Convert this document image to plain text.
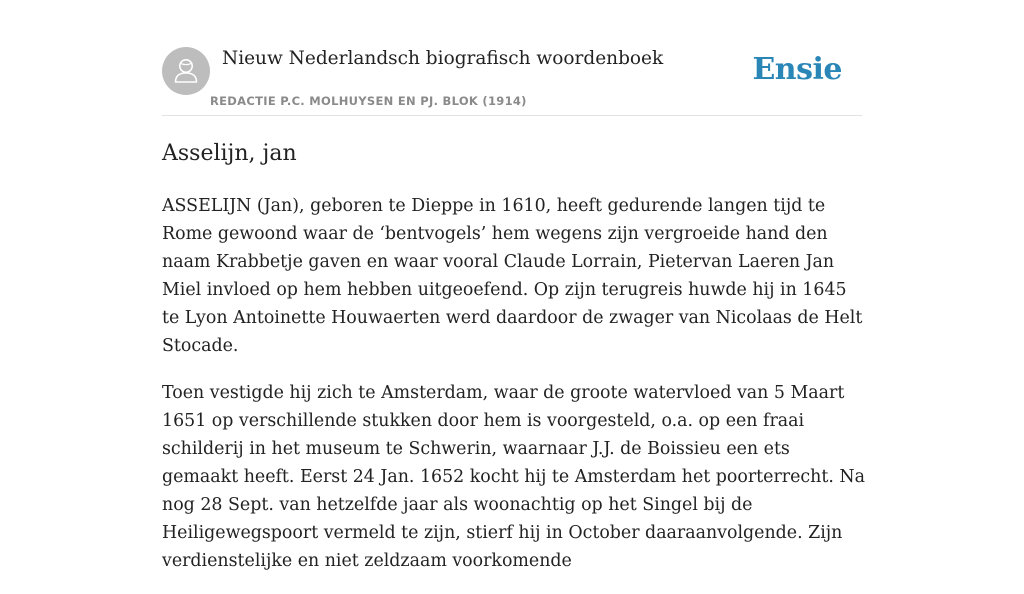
Nieuw Nederlandsch biografisch woordenboek
REDACTIE P.C. MOLHUYSEN EN PJ. BLOK (1914)
Ensie
Asselijn, jan

ASSELIJN (Jan), geboren te Dieppe in 1610, heeft gedurende langen tijd te Rome gewoond waar de ‘bentvogels’ hem wegens zijn vergroeide hand den naam Krabbetje gaven en waar vooral Claude Lorrain, Pietervan Laeren Jan Miel invloed op hem hebben uitgeoefend. Op zijn terugreis huwde hij in 1645 te Lyon Antoinette Houwaerten werd daardoor de zwager van Nicolaas de Helt Stocade.

Toen vestigde hij zich te Amsterdam, waar de groote watervloed van 5 Maart 1651 op verschillende stukken door hem is voorgesteld, o.a. op een fraai schilderij in het museum te Schwerin, waarnaar J.J. de Boissieu een ets gemaakt heeft. Eerst 24 Jan. 1652 kocht hij te Amsterdam het poorterrecht. Na nog 28 Sept. van hetzelfde jaar als woonachtig op het Singel bij de Heiligewegspoort vermeld te zijn, stierf hij in October daaraanvolgende. Zijn verdienstelijke en niet zeldzaam voorkomende
